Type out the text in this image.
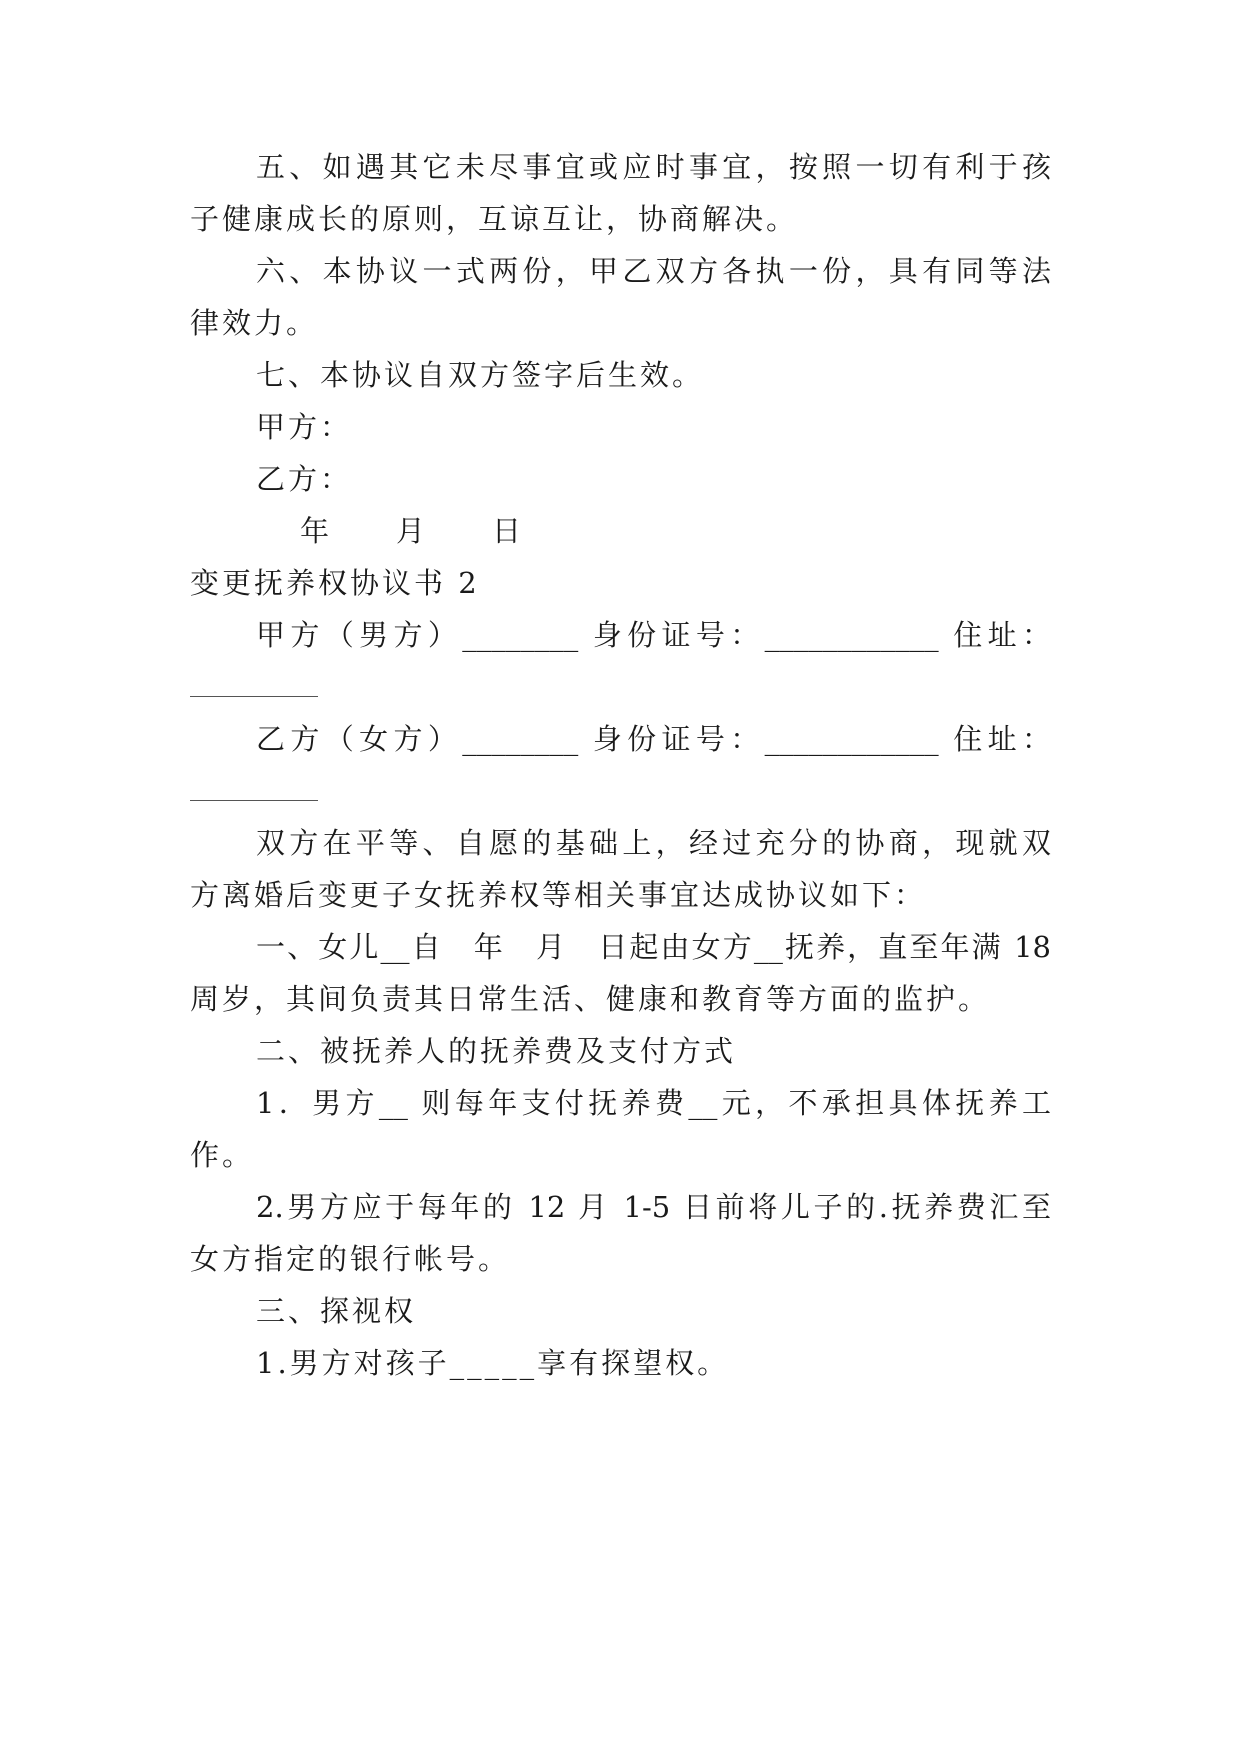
五、如遇其它未尽事宜或应时事宜，按照一切有利于孩
子健康成长的原则，互谅互让，协商解决。
六、本协议一式两份，甲乙双方各执一份，具有同等法
律效力。
七、本协议自双方签字后生效。
甲方：
乙方：
年　　月　　日
变更抚养权协议书 2
甲方（男方）________ 身份证号：____________ 住址：
乙方（女方）________ 身份证号：____________ 住址：
双方在平等、自愿的基础上，经过充分的协商，现就双
方离婚后变更子女抚养权等相关事宜达成协议如下：
一、女儿__自　年　月　日起由女方__抚养，直至年满 18
周岁，其间负责其日常生活、健康和教育等方面的监护。
二、被抚养人的抚养费及支付方式
1．男方__ 则每年支付抚养费__元，不承担具体抚养工
作。
2.男方应于每年的 12 月 1-5 日前将儿子的.抚养费汇至
女方指定的银行帐号。
三、探视权
1.男方对孩子_____享有探望权。
